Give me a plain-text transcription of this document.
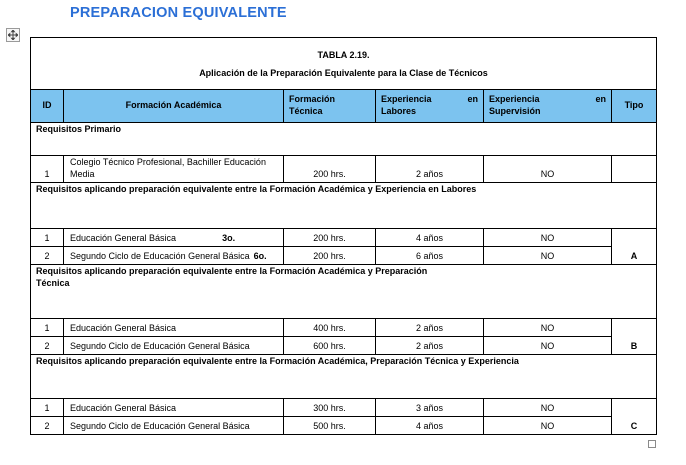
PREPARACION EQUIVALENTE
TABLA 2.19.
Aplicación de la Preparación Equivalente para la Clase de Técnicos					

ID	Formación Académica	Formación Técnica	Experiencia en Labores	Experiencia en Supervisión	Tipo
Requisitos Primario					
1	Colegio Técnico Profesional, Bachiller Educación Media	200 hrs.	2 años	NO	
Requisitos aplicando preparación equivalente entre la Formación Académica y Experiencia en Labores					
1	Educación General Básica 3o.	200 hrs.	4 años	NO	A
2	Segundo Ciclo de Educación General Básica 6o.	200 hrs.	6 años	NO	
Requisitos aplicando preparación equivalente entre la Formación Académica y Preparación
Técnica					
1	Educación General Básica	400 hrs.	2 años	NO	B
2	Segundo Ciclo de Educación General Básica	600 hrs.	2 años	NO	
Requisitos aplicando preparación equivalente entre la Formación Académica, Preparación Técnica y Experiencia					
1	Educación General Básica	300 hrs.	3 años	NO	C
2	Segundo Ciclo de Educación General Básica	500 hrs.	4 años	NO	
